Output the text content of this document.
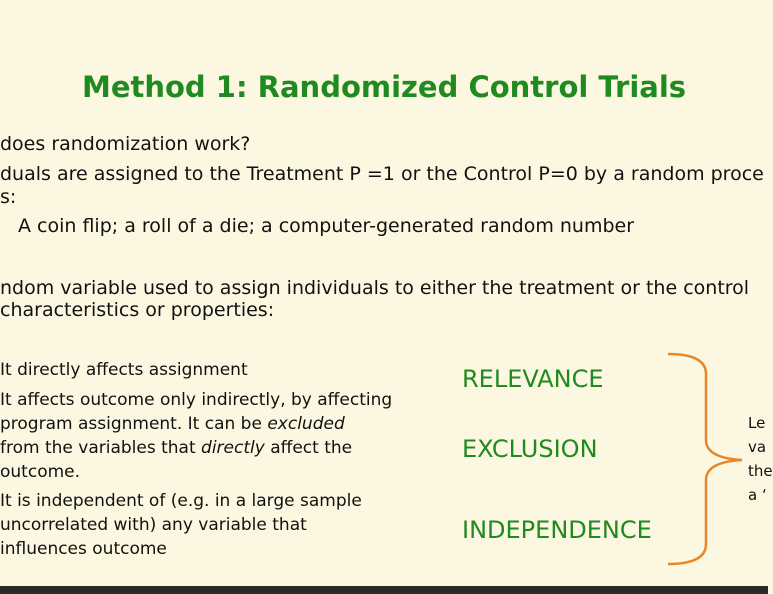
Method 1: Randomized Control Trials
does randomization work?
duals are assigned to the Treatment P =1 or the Control P=0 by a random proce
s:
A coin flip; a roll of a die; a computer-generated random number
ndom variable used to assign individuals to either the treatment or the control
characteristics or properties:
It directly affects assignment
It affects outcome only indirectly, by affecting
program assignment. It can be excluded
from the variables that directly affect the
outcome.
It is independent of (e.g. in a large sample
uncorrelated with) any variable that
influences outcome
RELEVANCE
EXCLUSION
INDEPENDENCE
Le
va
the
a ‘
